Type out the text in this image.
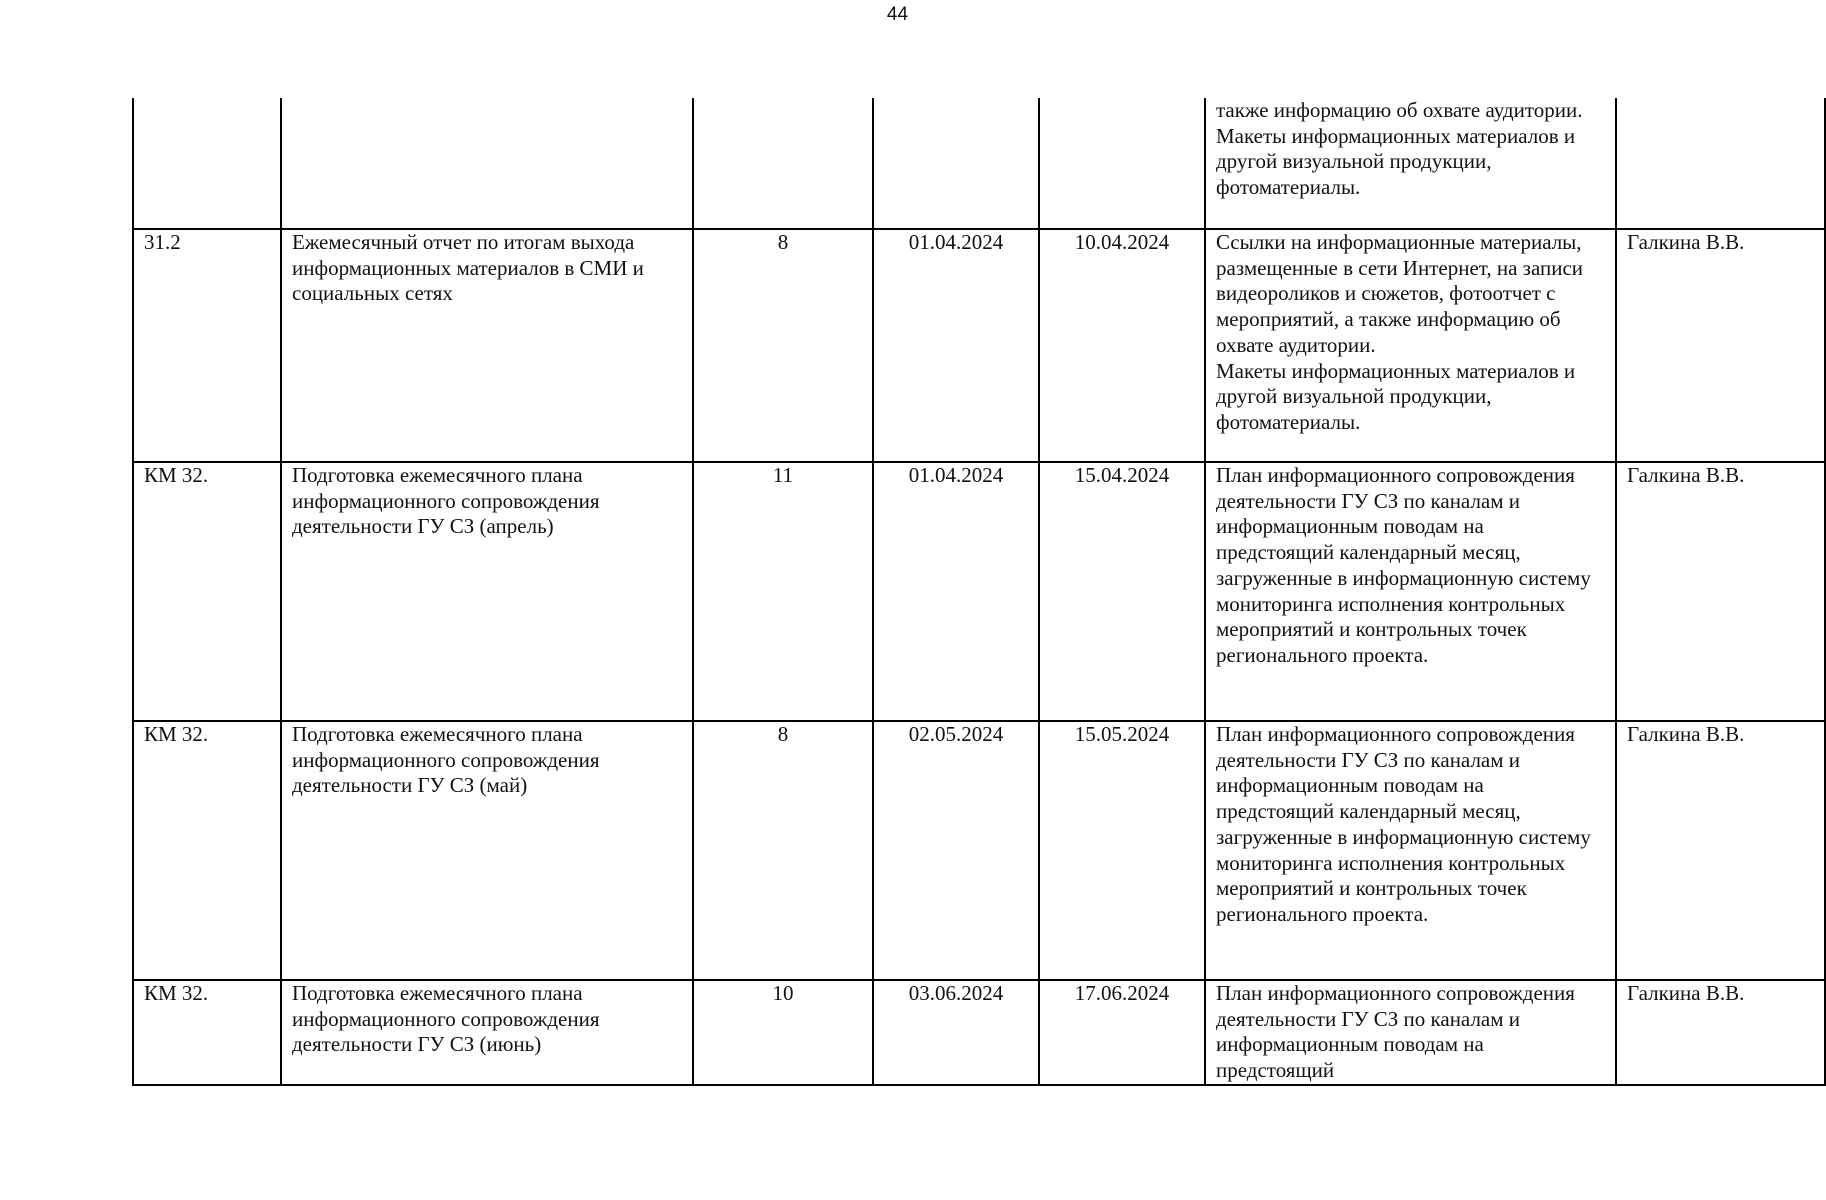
44

					также информацию об охвате аудитории.
Макеты информационных материалов и другой визуальной продукции, фотоматериалы.	

31.2	Ежемесячный отчет по итогам выхода информационных материалов в СМИ и социальных сетях	8	01.04.2024	10.04.2024	Ссылки на информационные материалы, размещенные в сети Интернет, на записи видеороликов и сюжетов, фотоотчет с мероприятий, а также информацию об охвате аудитории.
Макеты информационных материалов и другой визуальной продукции, фотоматериалы.	Галкина В.В.
КМ 32.	Подготовка ежемесячного плана информационного сопровождения деятельности ГУ СЗ (апрель)	11	01.04.2024	15.04.2024	План информационного сопровождения деятельности ГУ СЗ по каналам и информационным поводам на предстоящий календарный месяц, загруженные в информационную систему мониторинга исполнения контрольных мероприятий и контрольных точек регионального проекта.	Галкина В.В.
КМ 32.	Подготовка ежемесячного плана информационного сопровождения деятельности ГУ СЗ (май)	8	02.05.2024	15.05.2024	План информационного сопровождения деятельности ГУ СЗ по каналам и информационным поводам на предстоящий календарный месяц, загруженные в информационную систему мониторинга исполнения контрольных мероприятий и контрольных точек регионального проекта.	Галкина В.В.
КМ 32.	Подготовка ежемесячного плана информационного сопровождения деятельности ГУ СЗ (июнь)	10	03.06.2024	17.06.2024	План информационного сопровождения деятельности ГУ СЗ по каналам и информационным поводам на предстоящий	Галкина В.В.
